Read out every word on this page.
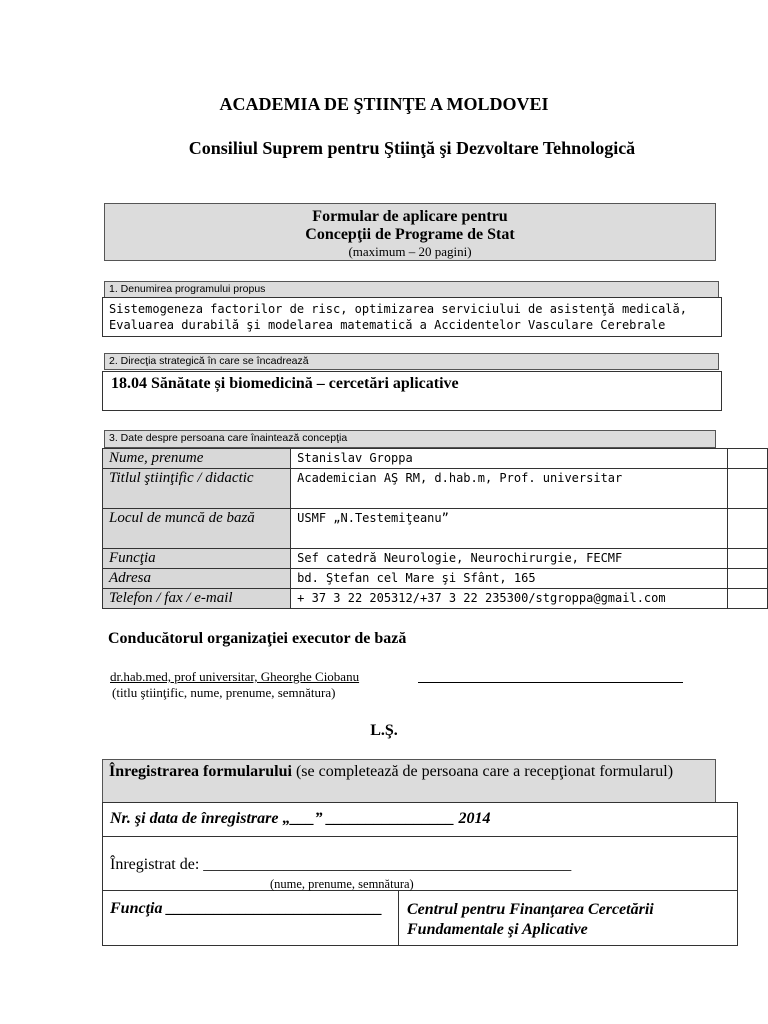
ACADEMIA DE ŞTIINŢE A MOLDOVEI
Consiliul Suprem pentru Ştiinţă şi Dezvoltare Tehnologică
Formular de aplicare pentru
Concepţii de Programe de Stat
(maximum – 20 pagini)
1. Denumirea programului propus
Sistemogeneza factorilor de risc, optimizarea serviciului de asistenţă medicală, Evaluarea durabilă şi modelarea matematică a Accidentelor Vasculare Cerebrale
2. Direcţia strategică în care se încadrează
18.04 Sănătate și biomedicină – cercetări aplicative
3. Date despre persoana care înaintează concepţia
Nume, prenume	Stanislav Groppa	
Titlul ştiinţific / didactic	Academician AŞ RM, d.hab.m, Prof. universitar	
Locul de muncă de bază	USMF „N.Testemiţeanu”	
Funcţia	Sef catedră Neurologie, Neurochirurgie, FECMF	
Adresa	bd. Ştefan cel Mare şi Sfânt, 165	
Telefon / fax / e-mail	+ 37 3 22 205312/+37 3 22 235300/stgroppa@gmail.com	
Conducătorul organizaţiei executor de bază
dr.hab.med, prof universitar, Gheorghe Ciobanu
(titlu ştiinţific, nume, prenume, semnătura)
L.Ş.
Înregistrarea formularului (se completează de persoana care a recepţionat formularul)
Nr. şi data de înregistrare „___” ________________ 2014
Înregistrat de: ______________________________________________
(nume, prenume, semnătura)
Funcţia ___________________________ Centrul pentru Finanţarea Cercetării Fundamentale şi Aplicative
